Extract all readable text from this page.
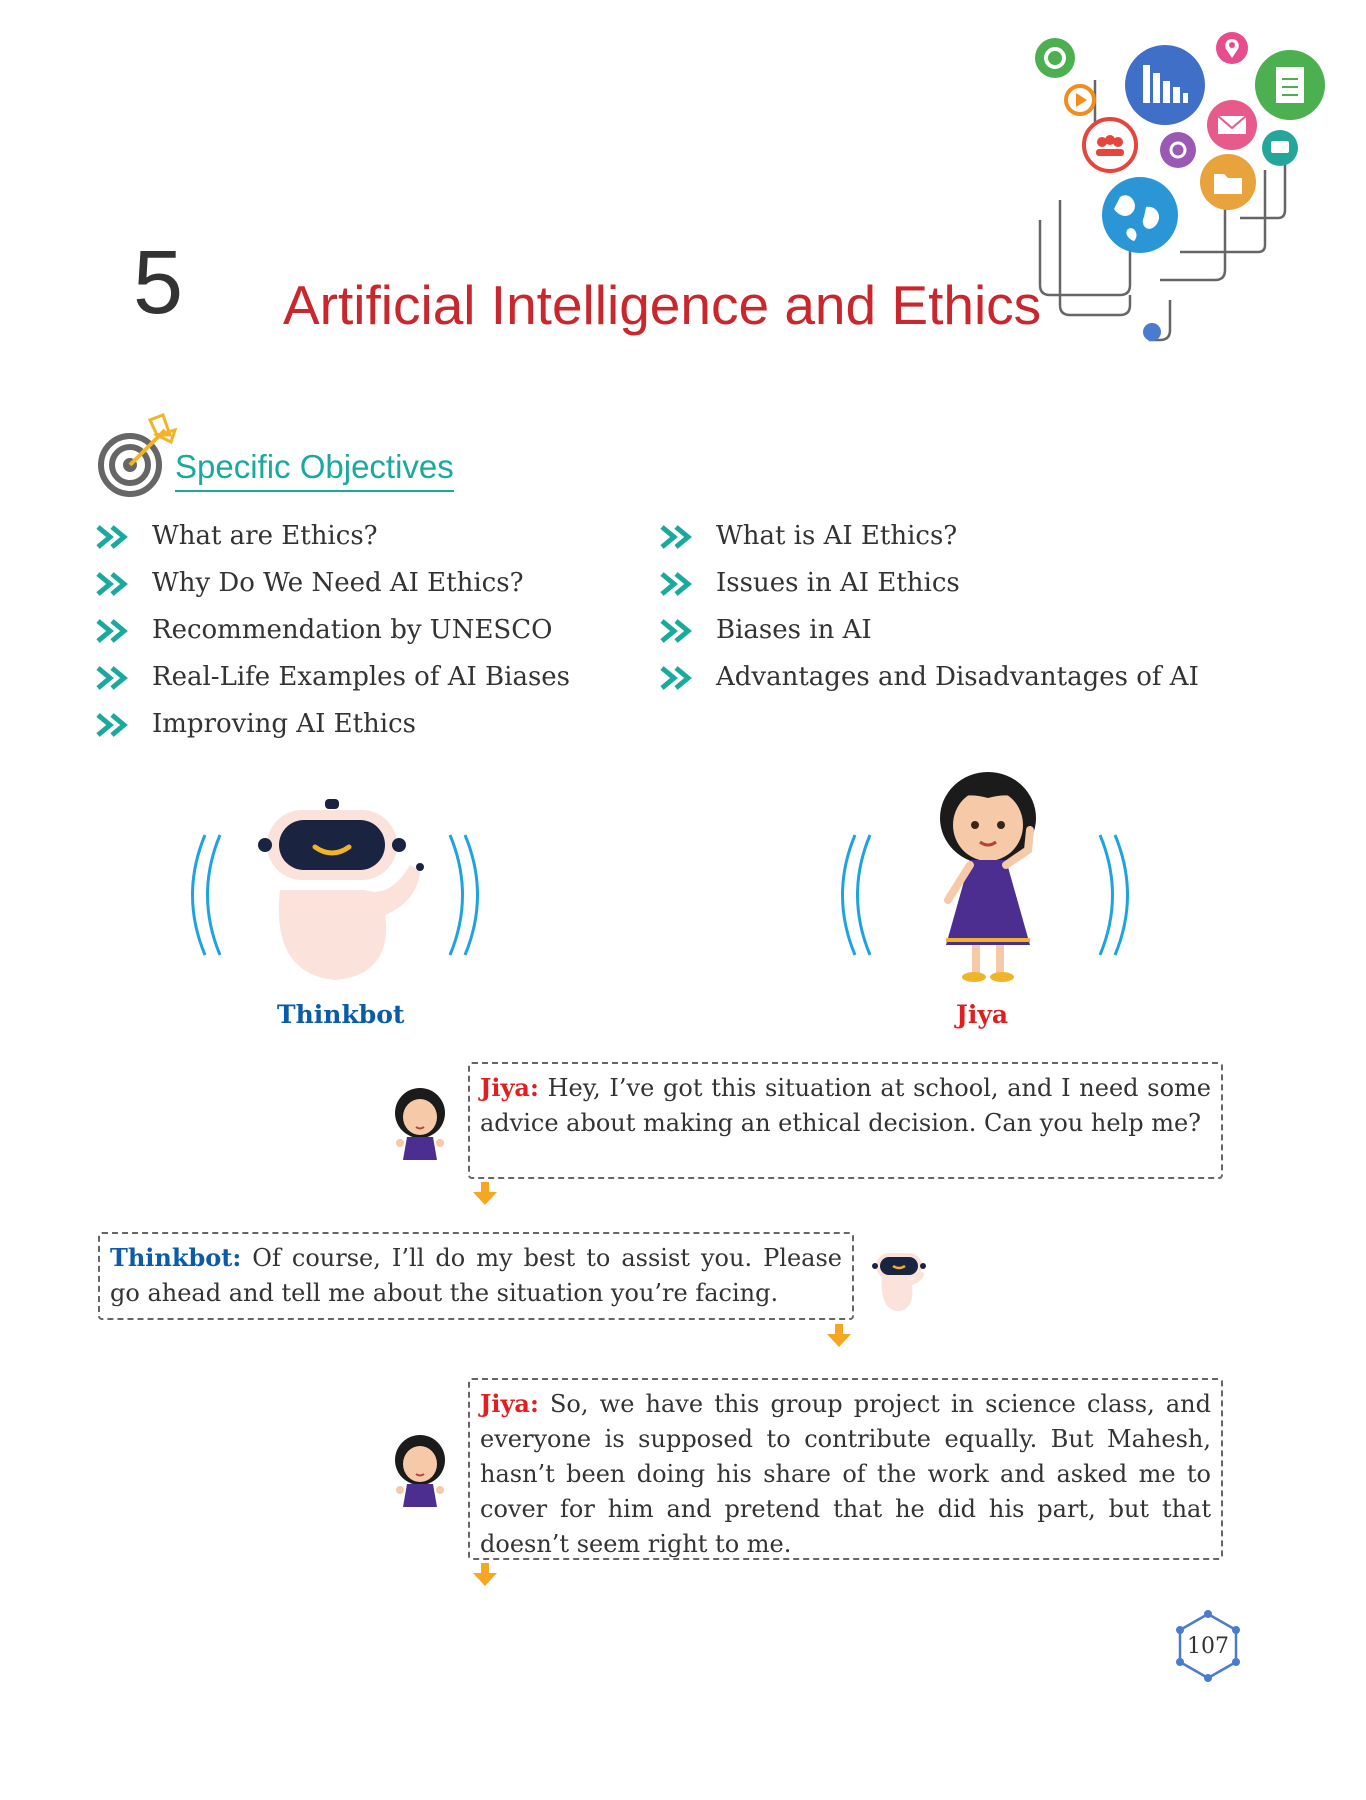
5 Artificial Intelligence and Ethics
Specific Objectives
What are Ethics?
Why Do We Need AI Ethics?
Recommendation by UNESCO
Real-Life Examples of AI Biases
Improving AI Ethics
What is AI Ethics?
Issues in AI Ethics
Biases in AI
Advantages and Disadvantages of AI
Thinkbot	Jiya
Jiya: Hey, I’ve got this situation at school, and I need some advice about making an ethical decision. Can you help me?
Thinkbot: Of course, I’ll do my best to assist you. Please go ahead and tell me about the situation you’re facing.
Jiya: So, we have this group project in science class, and everyone is supposed to contribute equally. But Mahesh, hasn’t been doing his share of the work and asked me to cover for him and pretend that he did his part, but that doesn’t seem right to me.
107
